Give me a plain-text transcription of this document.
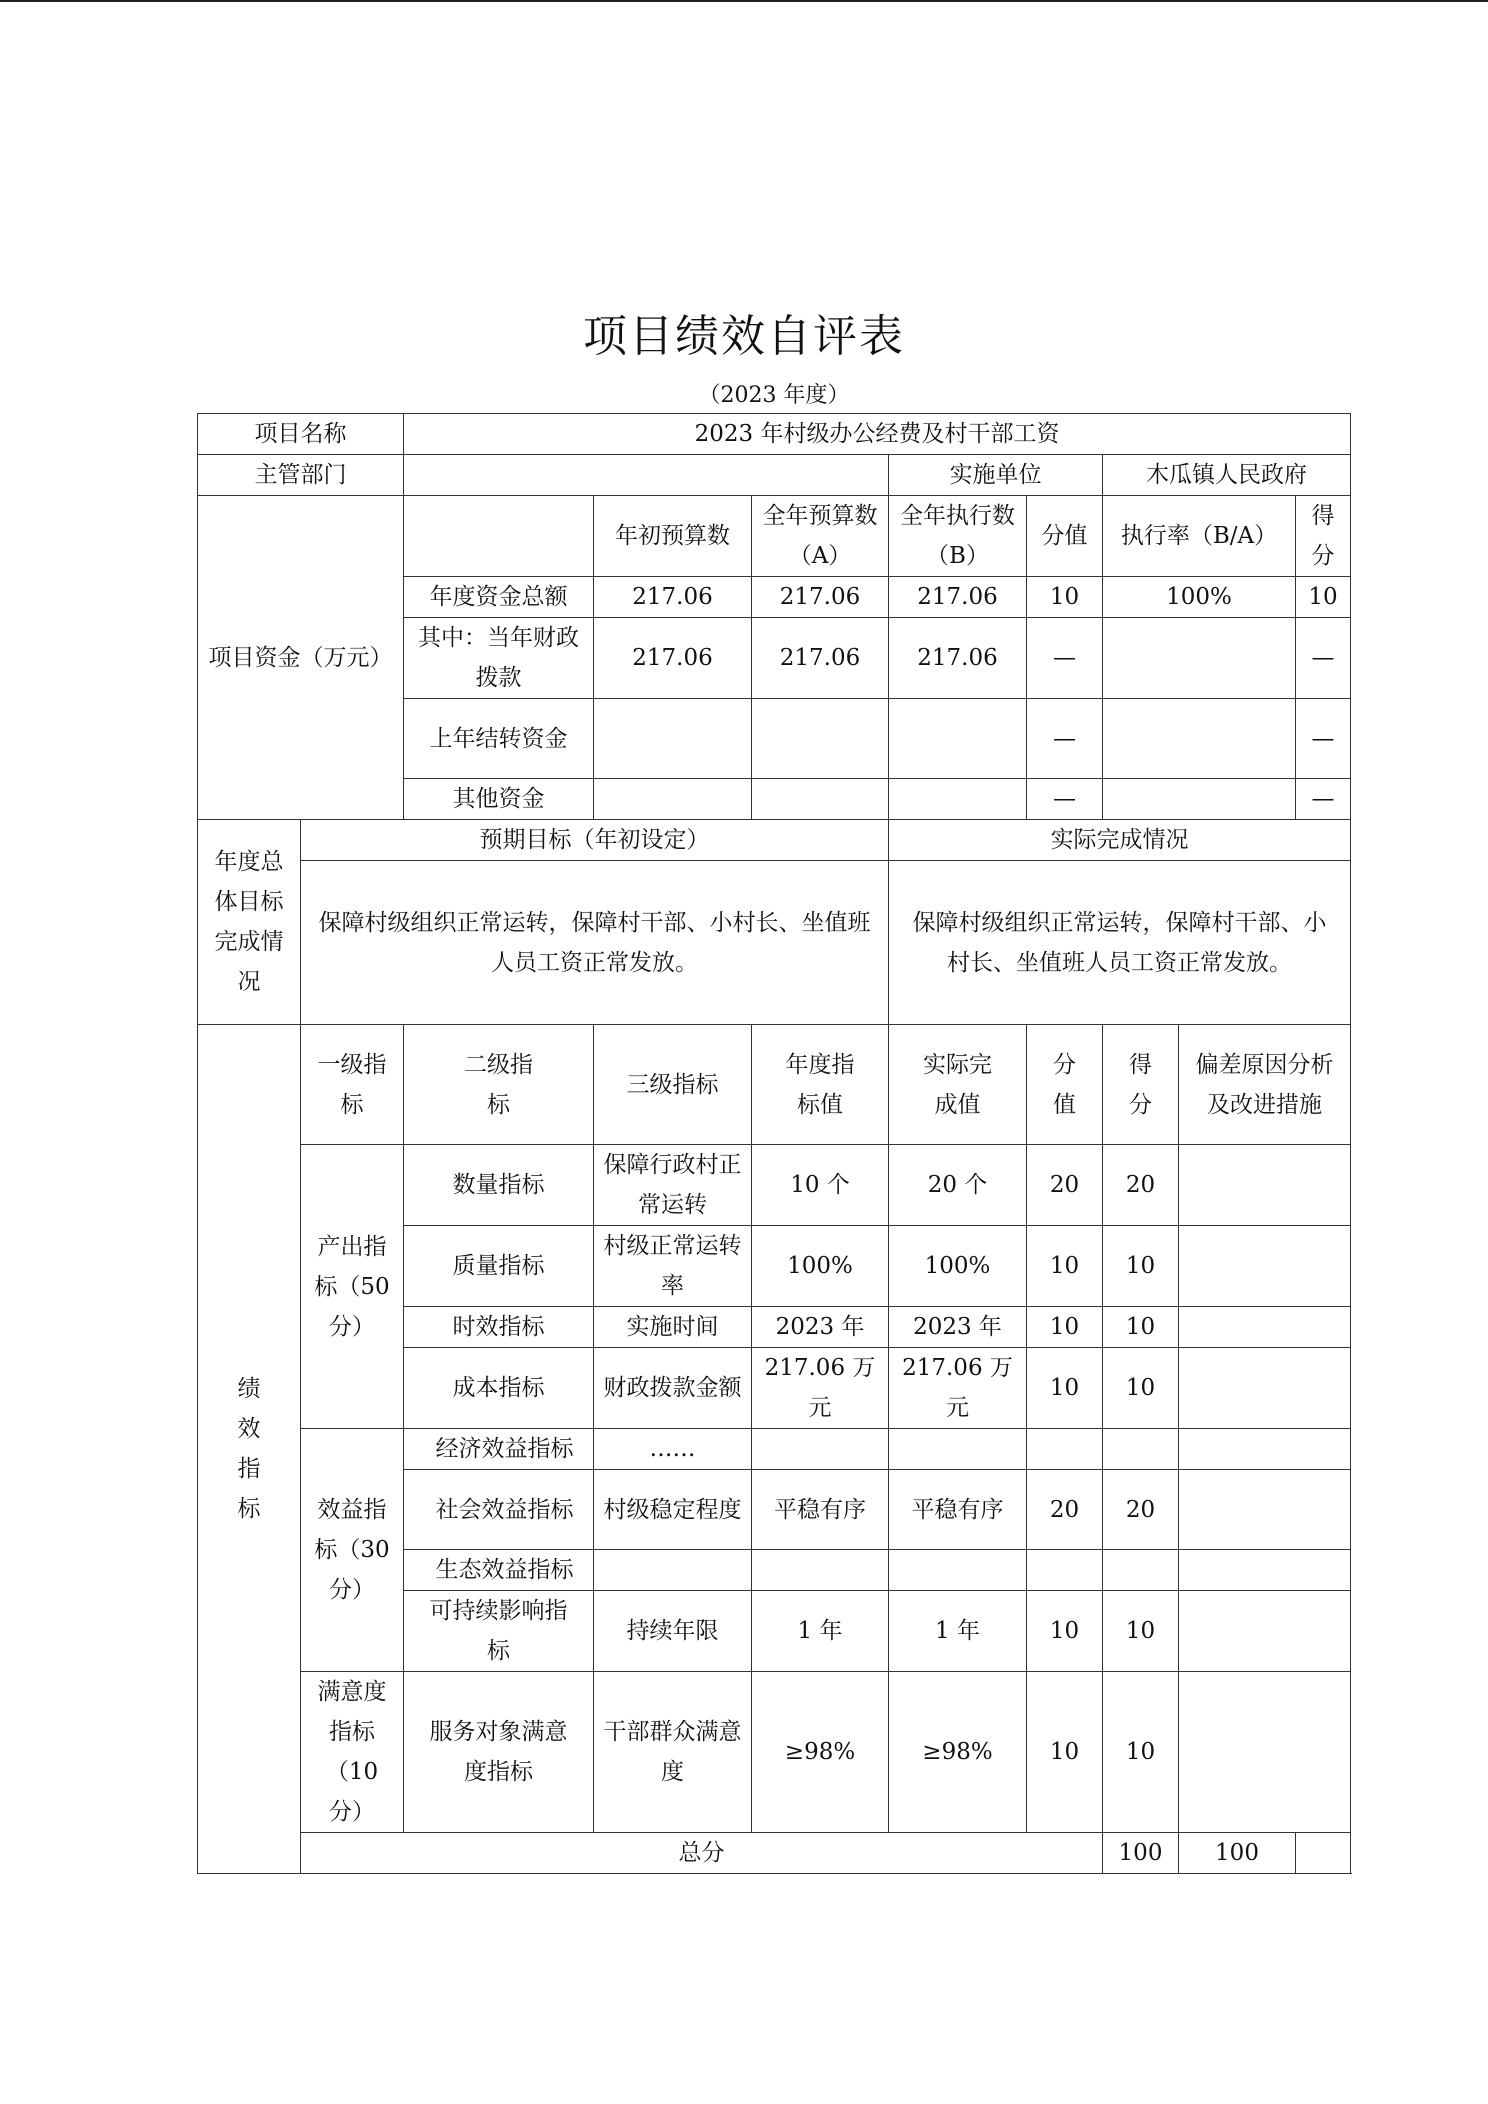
项目绩效自评表
（2023 年度）
项目名称		2023 年村级办公经费及村干部工资							
主管部门					实施单位		木瓜镇人民政府		
项目资金（万元）			年初预算数	全年预算数（A）	全年执行数（B）	分值	执行率（B/A）		得分
		年度资金总额	217.06	217.06	217.06	10	100%		10
		其中：当年财政拨款	217.06	217.06	217.06	—			—
		上年结转资金				—			—
		其他资金				—			—
年度总体目标完成情况	预期目标（年初设定）				实际完成情况				
	保障村级组织正常运转，保障村干部、小村长、坐值班人员工资正常发放。				保障村级组织正常运转，保障村干部、小村长、坐值班人员工资正常发放。				

绩效指标	一级指标	二级指标	三级指标	年度指标值	实际完成值	分值	得分	偏差原因分析及改进措施	
	产出指标（50分）	数量指标	保障行政村正常运转	10 个	20 个	20	20		
		质量指标	村级正常运转率	100%	100%	10	10		
		时效指标	实施时间	2023 年	2023 年	10	10		
		成本指标	财政拨款金额	217.06 万元	217.06 万元	10	10		
	效益指标（30分）	经济效益指标	……						
		社会效益指标	村级稳定程度	平稳有序	平稳有序	20	20		
		生态效益指标							
		可持续影响指标	持续年限	1 年	1 年	10	10		
	满意度指标（10分）	服务对象满意度指标	干部群众满意度	≥98%	≥98%	10	10		
	总分						100	100	
